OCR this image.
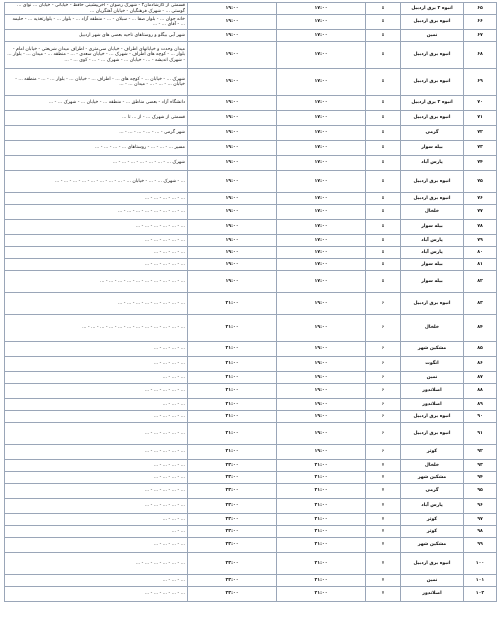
۶۵	انبوه ۲ برق اردبیل	۵	۱۷:۰۰	۱۹:۰۰	قسمتی از گازشادمان۲ - شهرک رضوان - آخرپیشینی حافظ - خیابانی - خیابان ... نوای ... گوستی ... - شهرک فرهنگیان - خیابان آهنگریان ...
۶۶	انبوه برق اردبیل	۵	۱۷:۰۰	۱۹:۰۰	خانه جوان ... - بلوار صفا ... - سبلان - ... - منطقه آزاد ... - بلوار ... - یلوارتغذیه ... - حلیمه ... - آقای ... - ...
۶۷	نمین	۵	۱۷:۰۰	۱۹:۰۰	شهر آبی بیگلو و روستاهای ناحیه بعضی های شهر اردبیل
۶۸	انبوه برق اردبیل	۵	۱۷:۰۰	۱۹:۰۰	میدان وحدت و خیابانهای اطراف - خیابان سی‌متری - اطراف میدان شریعتی - خیابان امام - بلوار ... - کوچه های اطراف - شهرک ... - خیابان سعدی - ... - منطقه ... - میدان ... - بلوار ... - شهرک اندیشه - ... - خیابان ... - شهرک ... - ... - کوی ... - ...
۶۹	انبوه برق اردبیل	۵	۱۷:۰۰	۱۹:۰۰	شهرک ... - خیابان ... - کوچه های ... - اطراف ... - خیابان ... - بلوار ... - ... - منطقه ... - خیابان ... - ... - ... - میدان ... - ...
۷۰	انبوه ۲ برق اردبیل	۵	۱۷:۰۰	۱۹:۰۰	دانشگاه آزاد - بعضی مناطق ... - منطقه ... - خیابان ... - شهرک ... - ...
۷۱	انبوه برق اردبیل	۵	۱۷:۰۰	۱۹:۰۰	قسمتی از شهرک ... - از ... تا ...
۷۲	گرمی	۵	۱۷:۰۰	۱۹:۰۰	شهر گرمی - ... - ... - ... - ... - ...
۷۳	بیله سوار	۵	۱۷:۰۰	۱۹:۰۰	مسیر ... - ... - ... - روستاهای ... - ... - ... - ...
۷۴	پارس آباد	۵	۱۷:۰۰	۱۹:۰۰	شهرک ... - ... - ... - ... - ... - ... - ...
۷۵	انبوه برق اردبیل	۵	۱۷:۰۰	۱۹:۰۰	... - شهرک ... - ... - خیابان ... - ... - ... - ... - ... - ... - ... - ... - ...
۷۶	انبوه برق اردبیل	۵	۱۷:۰۰	۱۹:۰۰	... - ... - ... - ... - ...
۷۷	خلخال	۵	۱۷:۰۰	۱۹:۰۰	... - ... - ... - ... - ... - ... - ... - ...
۷۸	بیله سوار	۵	۱۷:۰۰	۱۹:۰۰	... - ... - ... - ... - ... - ...
۷۹	پارس آباد	۵	۱۷:۰۰	۱۹:۰۰	... - ... - ... - ... - ...
۸۰	پارس آباد	۵	۱۷:۰۰	۱۹:۰۰	... - ... - ... - ...
۸۱	بیله سوار	۵	۱۷:۰۰	۱۹:۰۰	... - ... - ... - ... - ...
۸۲	بیله سوار	۵	۱۷:۰۰	۱۹:۰۰	... - ... - ... - ... - ... - ... - ... - ... - ... - ...
۸۳	انبوه برق اردبیل	۶	۱۹:۰۰	۲۱:۰۰	... - ... - ... - ... - ... - ... - ... - ...
۸۴	خلخال	۶	۱۹:۰۰	۲۱:۰۰	... - ... - ... - ... - ... - ... - ... - ... - ... - ... - ... - ...
۸۵	مشکین شهر	۶	۱۹:۰۰	۲۱:۰۰	... - ... - ... - ...
۸۶	انگوت	۶	۱۹:۰۰	۲۱:۰۰	... - ... - ... - ...
۸۷	نمین	۶	۱۹:۰۰	۲۱:۰۰	... - ... - ...
۸۸	اصلاندوز	۶	۱۹:۰۰	۲۱:۰۰	... - ... - ... - ... - ...
۸۹	اصلاندوز	۶	۱۹:۰۰	۲۱:۰۰	... - ... - ...
۹۰	انبوه برق اردبیل	۶	۱۹:۰۰	۲۱:۰۰	... - ... - ... - ...
۹۱	انبوه برق اردبیل	۶	۱۹:۰۰	۲۱:۰۰	... - ... - ... - ... - ...
۹۲	کوثر	۶	۱۹:۰۰	۲۱:۰۰	... - ... - ... - ... - ...
۹۳	خلخال	۷	۲۱:۰۰	۲۳:۰۰	... - ... - ... - ...
۹۴	مشکین شهر	۷	۲۱:۰۰	۲۳:۰۰	... - ... - ... - ...
۹۵	گرمی	۷	۲۱:۰۰	۲۳:۰۰	... - ... - ... - ... - ...
۹۶	پارس آباد	۷	۲۱:۰۰	۲۳:۰۰	... - ... - ... - ... - ...
۹۷	کوثر	۷	۲۱:۰۰	۲۳:۰۰	... - ... - ...
۹۸	کوثر	۷	۲۱:۰۰	۲۳:۰۰	... - ...
۹۹	مشکین شهر	۷	۲۱:۰۰	۲۳:۰۰	... - ... - ... - ...
۱۰۰	انبوه برق اردبیل	۷	۲۱:۰۰	۲۳:۰۰	... - ... - ... - ... - ... - ...
۱۰۱	نمین	۷	۲۱:۰۰	۲۳:۰۰	... - ... - ...
۱۰۲	اصلاندوز	۷	۲۱:۰۰	۲۳:۰۰	... - ... - ... - ... - ...
